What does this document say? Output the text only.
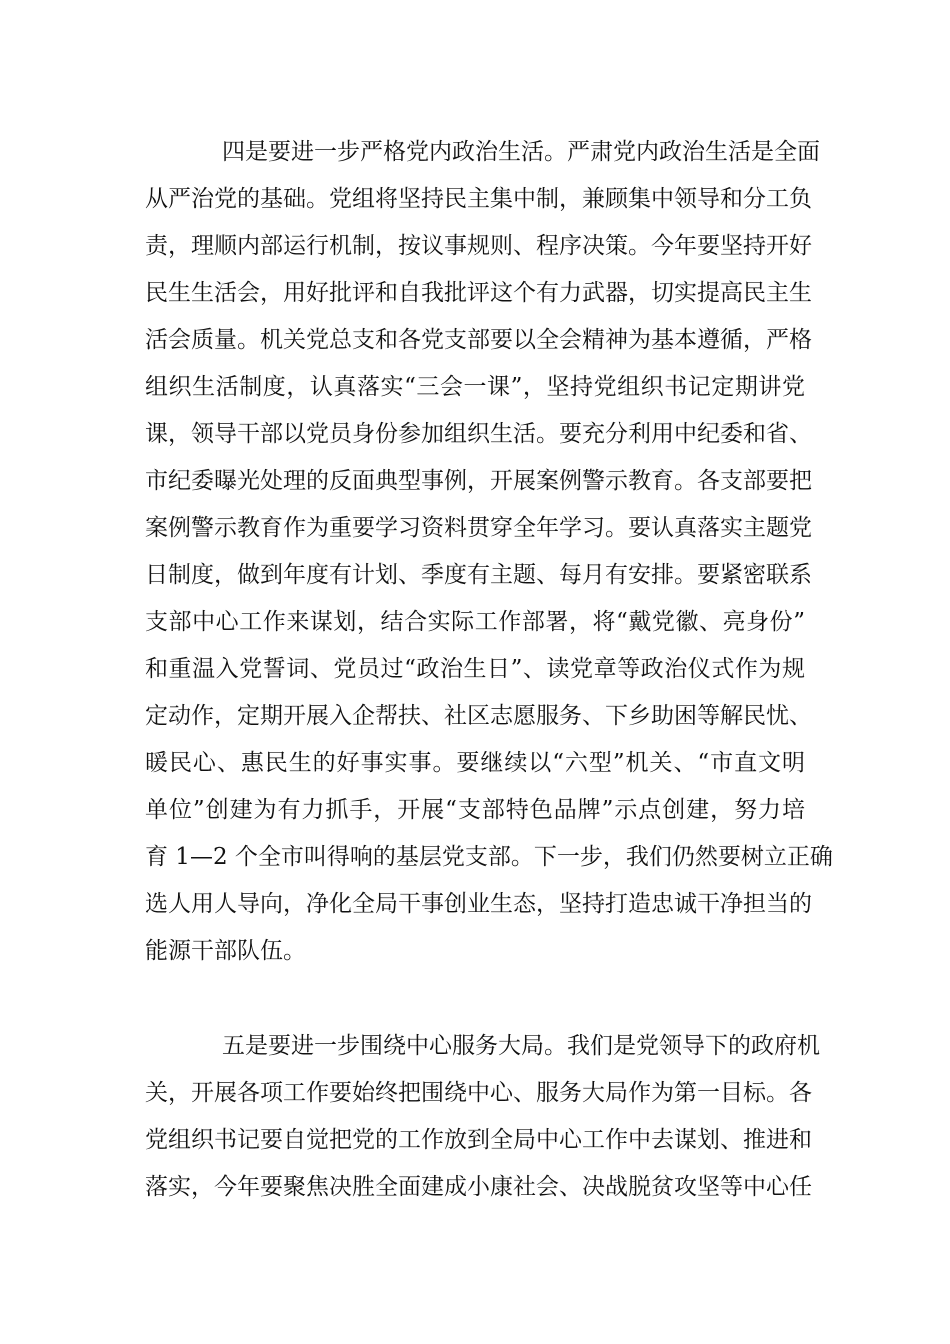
四是要进一步严格党内政治生活。严肃党内政治生活是全面
从严治党的基础。党组将坚持民主集中制，兼顾集中领导和分工负
责，理顺内部运行机制，按议事规则、程序决策。今年要坚持开好
民生生活会，用好批评和自我批评这个有力武器，切实提高民主生
活会质量。机关党总支和各党支部要以全会精神为基本遵循，严格
组织生活制度，认真落实“三会一课”，坚持党组织书记定期讲党
课，领导干部以党员身份参加组织生活。要充分利用中纪委和省、
市纪委曝光处理的反面典型事例，开展案例警示教育。各支部要把
案例警示教育作为重要学习资料贯穿全年学习。要认真落实主题党
日制度，做到年度有计划、季度有主题、每月有安排。要紧密联系
支部中心工作来谋划，结合实际工作部署，将“戴党徽、亮身份”
和重温入党誓词、党员过“政治生日”、读党章等政治仪式作为规
定动作，定期开展入企帮扶、社区志愿服务、下乡助困等解民忧、
暖民心、惠民生的好事实事。要继续以“六型”机关、“市直文明
单位”创建为有力抓手，开展“支部特色品牌”示点创建，努力培
育 1—2 个全市叫得响的基层党支部。下一步，我们仍然要树立正确
选人用人导向，净化全局干事创业生态，坚持打造忠诚干净担当的
能源干部队伍。
五是要进一步围绕中心服务大局。我们是党领导下的政府机
关，开展各项工作要始终把围绕中心、服务大局作为第一目标。各
党组织书记要自觉把党的工作放到全局中心工作中去谋划、推进和
落实，今年要聚焦决胜全面建成小康社会、决战脱贫攻坚等中心任
